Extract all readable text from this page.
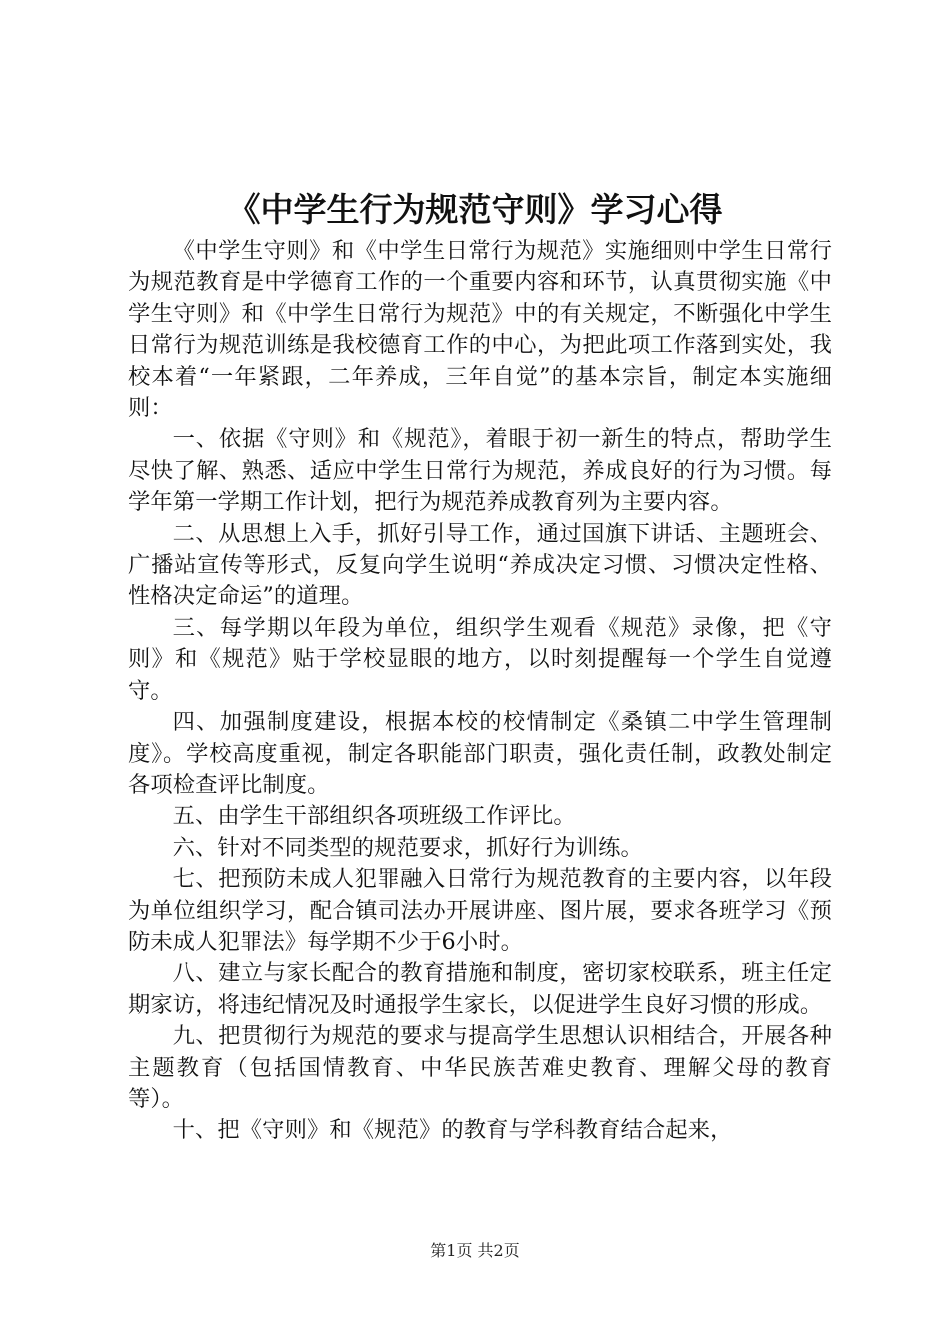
《中学生行为规范守则》学习心得

《中学生守则》和《中学生日常行为规范》实施细则中学生日常行为规范教育是中学德育工作的一个重要内容和环节，认真贯彻实施《中学生守则》和《中学生日常行为规范》中的有关规定，不断强化中学生日常行为规范训练是我校德育工作的中心，为把此项工作落到实处，我校本着“一年紧跟，二年养成，三年自觉”的基本宗旨，制定本实施细则：

一、依据《守则》和《规范》，着眼于初一新生的特点，帮助学生尽快了解、熟悉、适应中学生日常行为规范，养成良好的行为习惯。每学年第一学期工作计划，把行为规范养成教育列为主要内容。

二、从思想上入手，抓好引导工作，通过国旗下讲话、主题班会、广播站宣传等形式，反复向学生说明“养成决定习惯、习惯决定性格、性格决定命运”的道理。

三、每学期以年段为单位，组织学生观看《规范》录像，把《守则》和《规范》贴于学校显眼的地方，以时刻提醒每一个学生自觉遵守。

四、加强制度建设，根据本校的校情制定《桑镇二中学生管理制度》。学校高度重视，制定各职能部门职责，强化责任制，政教处制定各项检查评比制度。

五、由学生干部组织各项班级工作评比。

六、针对不同类型的规范要求，抓好行为训练。

七、把预防未成人犯罪融入日常行为规范教育的主要内容，以年段为单位组织学习，配合镇司法办开展讲座、图片展，要求各班学习《预防未成人犯罪法》每学期不少于6小时。

八、建立与家长配合的教育措施和制度，密切家校联系，班主任定期家访，将违纪情况及时通报学生家长，以促进学生良好习惯的形成。

九、把贯彻行为规范的要求与提高学生思想认识相结合，开展各种主题教育（包括国情教育、中华民族苦难史教育、理解父母的教育等）。

十、把《守则》和《规范》的教育与学科教育结合起来，

第1页 共2页
